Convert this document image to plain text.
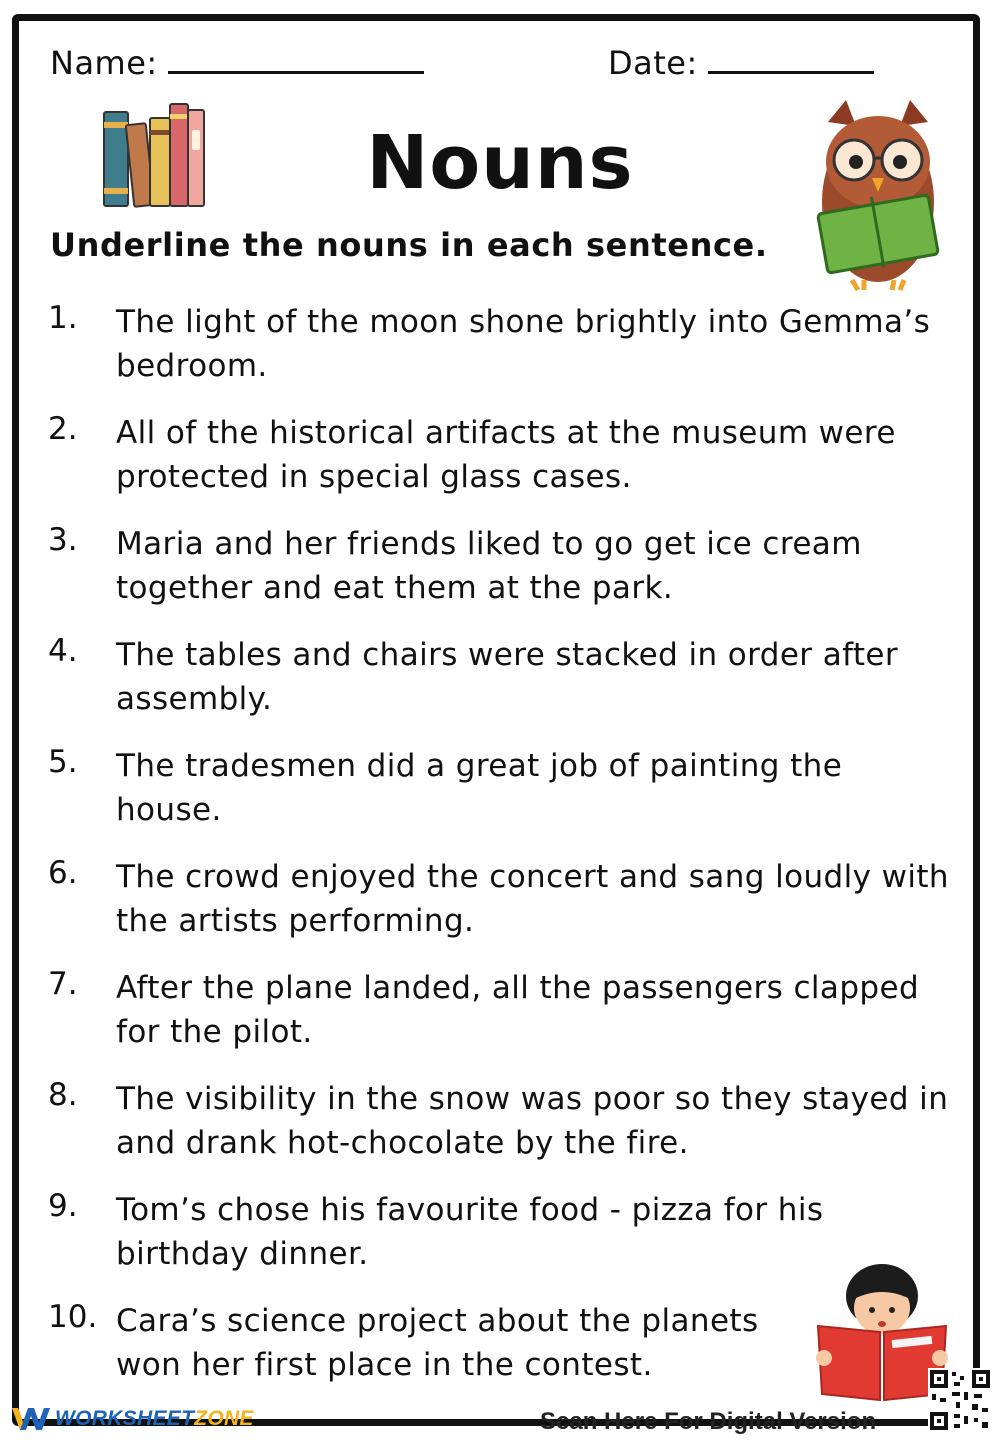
Name:	Date:
Nouns
Underline the nouns in each sentence.
1. The light of the moon shone brightly into Gemma’s bedroom.
2. All of the historical artifacts at the museum were protected in special glass cases.
3. Maria and her friends liked to go get ice cream together and eat them at the park.
4. The tables and chairs were stacked in order after assembly.
5. The tradesmen did a great job of painting the house.
6. The crowd enjoyed the concert and sang loudly with the artists performing.
7. After the plane landed, all the passengers clapped for the pilot.
8. The visibility in the snow was poor so they stayed in and drank hot-chocolate by the fire.
9. Tom’s chose his favourite food - pizza for his birthday dinner.
10. Cara’s science project about the planets won her first place in the contest.
WORKSHEETZONE	Scan Here For Digital Version
